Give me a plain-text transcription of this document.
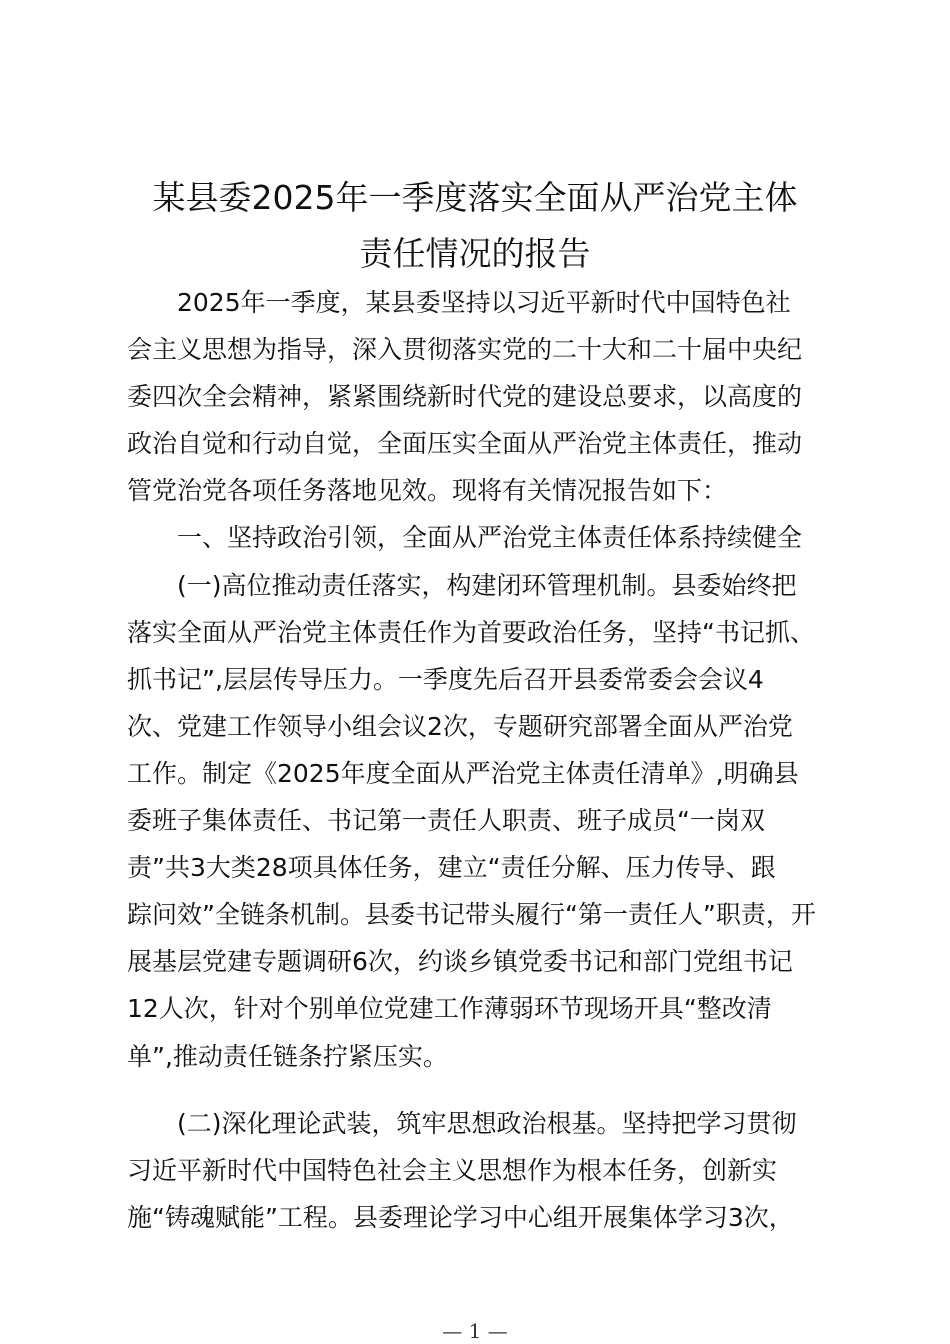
某县委2025年一季度落实全面从严治党主体
责任情况的报告
2025年一季度，某县委坚持以习近平新时代中国特色社
会主义思想为指导，深入贯彻落实党的二十大和二十届中央纪
委四次全会精神，紧紧围绕新时代党的建设总要求，以高度的
政治自觉和行动自觉，全面压实全面从严治党主体责任，推动
管党治党各项任务落地见效。现将有关情况报告如下：
一、坚持政治引领，全面从严治党主体责任体系持续健全
(一)高位推动责任落实，构建闭环管理机制。县委始终把
落实全面从严治党主体责任作为首要政治任务，坚持“书记抓、
抓书记”,层层传导压力。一季度先后召开县委常委会会议4
次、党建工作领导小组会议2次，专题研究部署全面从严治党
工作。制定《2025年度全面从严治党主体责任清单》,明确县
委班子集体责任、书记第一责任人职责、班子成员“一岗双
责”共3大类28项具体任务，建立“责任分解、压力传导、跟
踪问效”全链条机制。县委书记带头履行“第一责任人”职责，开
展基层党建专题调研6次，约谈乡镇党委书记和部门党组书记
12人次，针对个别单位党建工作薄弱环节现场开具“整改清
单”,推动责任链条拧紧压实。
(二)深化理论武装，筑牢思想政治根基。坚持把学习贯彻
习近平新时代中国特色社会主义思想作为根本任务，创新实
施“铸魂赋能”工程。县委理论学习中心组开展集体学习3次，
— 1 —
